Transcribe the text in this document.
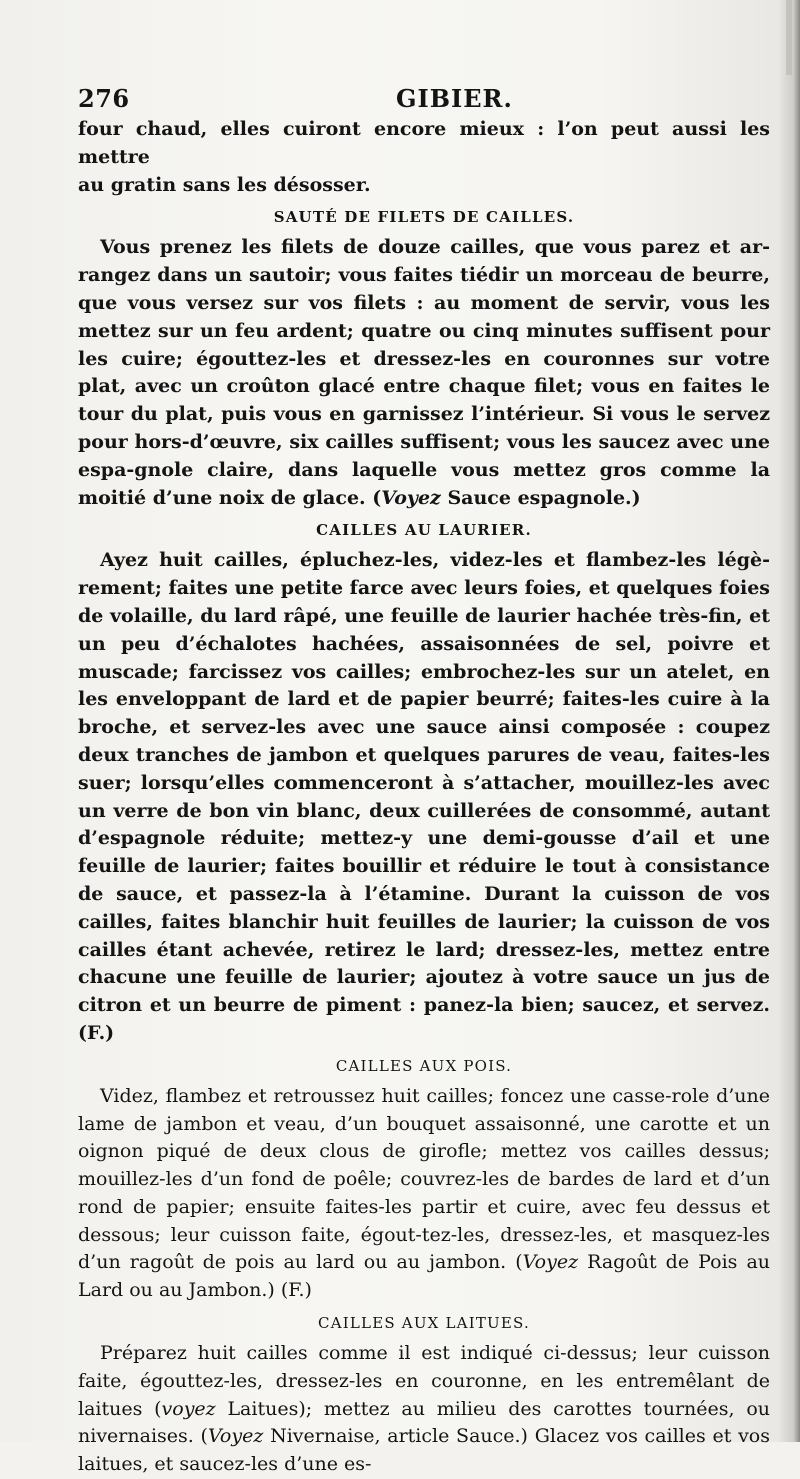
276	GIBIER.

four chaud, elles cuiront encore mieux : l’on peut aussi les mettre
au gratin sans les désosser.

SAUTÉ DE FILETS DE CAILLES.

Vous prenez les filets de douze cailles, que vous parez et ar-rangez dans un sautoir; vous faites tiédir un morceau de beurre, que vous versez sur vos filets : au moment de servir, vous les mettez sur un feu ardent; quatre ou cinq minutes suffisent pour les cuire; égouttez-les et dressez-les en couronnes sur votre plat, avec un croûton glacé entre chaque filet; vous en faites le tour du plat, puis vous en garnissez l’intérieur. Si vous le servez pour hors-d’œuvre, six cailles suffisent; vous les saucez avec une espa-gnole claire, dans laquelle vous mettez gros comme la moitié d’une noix de glace. (Voyez Sauce espagnole.)

CAILLES AU LAURIER.

Ayez huit cailles, épluchez-les, videz-les et flambez-les légè-rement; faites une petite farce avec leurs foies, et quelques foies de volaille, du lard râpé, une feuille de laurier hachée très-fin, et un peu d’échalotes hachées, assaisonnées de sel, poivre et muscade; farcissez vos cailles; embrochez-les sur un atelet, en les enveloppant de lard et de papier beurré; faites-les cuire à la broche, et servez-les avec une sauce ainsi composée : coupez deux tranches de jambon et quelques parures de veau, faites-les suer; lorsqu’elles commenceront à s’attacher, mouillez-les avec un verre de bon vin blanc, deux cuillerées de consommé, autant d’espagnole réduite; mettez-y une demi-gousse d’ail et une feuille de laurier; faites bouillir et réduire le tout à consistance de sauce, et passez-la à l’étamine. Durant la cuisson de vos cailles, faites blanchir huit feuilles de laurier; la cuisson de vos cailles étant achevée, retirez le lard; dressez-les, mettez entre chacune une feuille de laurier; ajoutez à votre sauce un jus de citron et un beurre de piment : panez-la bien; saucez, et servez. (F.)

CAILLES AUX POIS.

Videz, flambez et retroussez huit cailles; foncez une casse-role d’une lame de jambon et veau, d’un bouquet assaisonné, une carotte et un oignon piqué de deux clous de girofle; mettez vos cailles dessus; mouillez-les d’un fond de poêle; couvrez-les de bardes de lard et d’un rond de papier; ensuite faites-les partir et cuire, avec feu dessus et dessous; leur cuisson faite, égout-tez-les, dressez-les, et masquez-les d’un ragoût de pois au lard ou au jambon. (Voyez Ragoût de Pois au Lard ou au Jambon.) (F.)

CAILLES AUX LAITUES.

Préparez huit cailles comme il est indiqué ci-dessus; leur cuisson faite, égouttez-les, dressez-les en couronne, en les entremêlant de laitues (voyez Laitues); mettez au milieu des carottes tournées, ou nivernaises. (Voyez Nivernaise, article Sauce.) Glacez vos cailles et vos laitues, et saucez-les d’une es-
